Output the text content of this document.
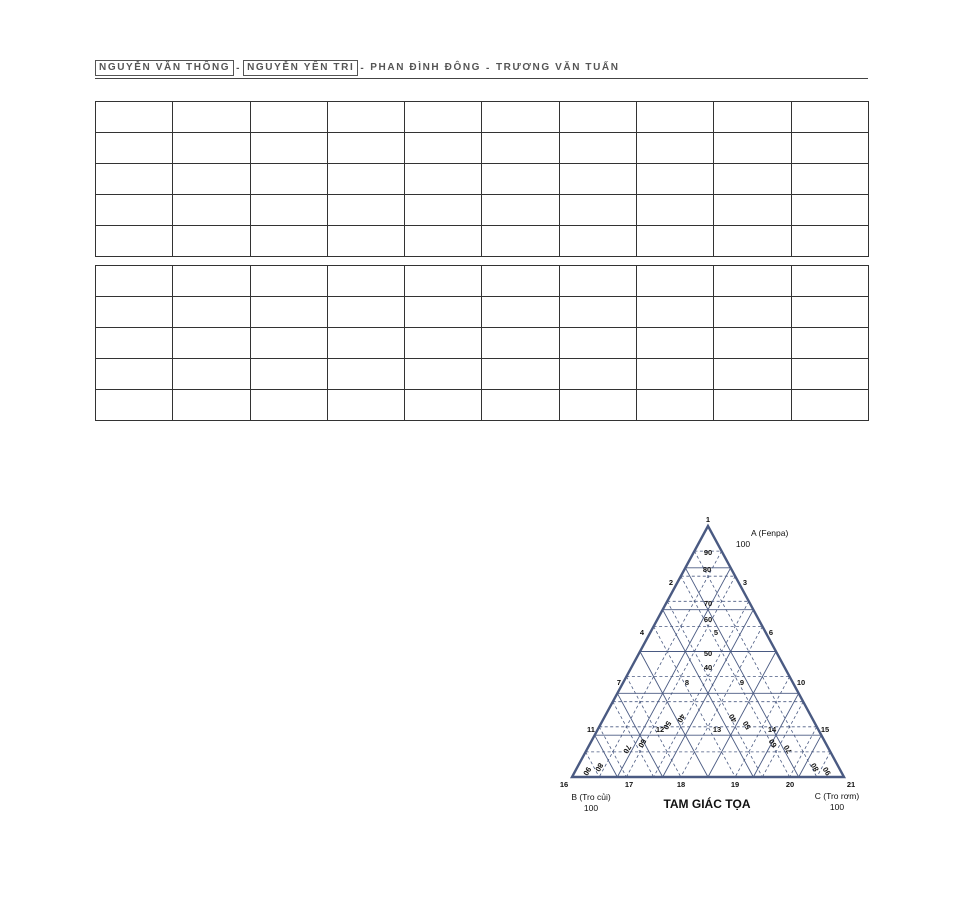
NGUYỄN VĂN THÔNG - NGUYỄN YÊN TRI - PHAN ĐÌNH ĐÔNG - TRƯƠNG VĂN TUẤN

A (Fenpa)
100
B (Tro củi)
100
C (Tro rơm)
100
TAM GIÁC TỌA
1
2	3
4	5	6
7	8	9	10
11	12	13	14	15
16	17	18	19	20	21
90
80
70
60
50
40
40
50
60
70
80
40
50
60
70
80
90	90
